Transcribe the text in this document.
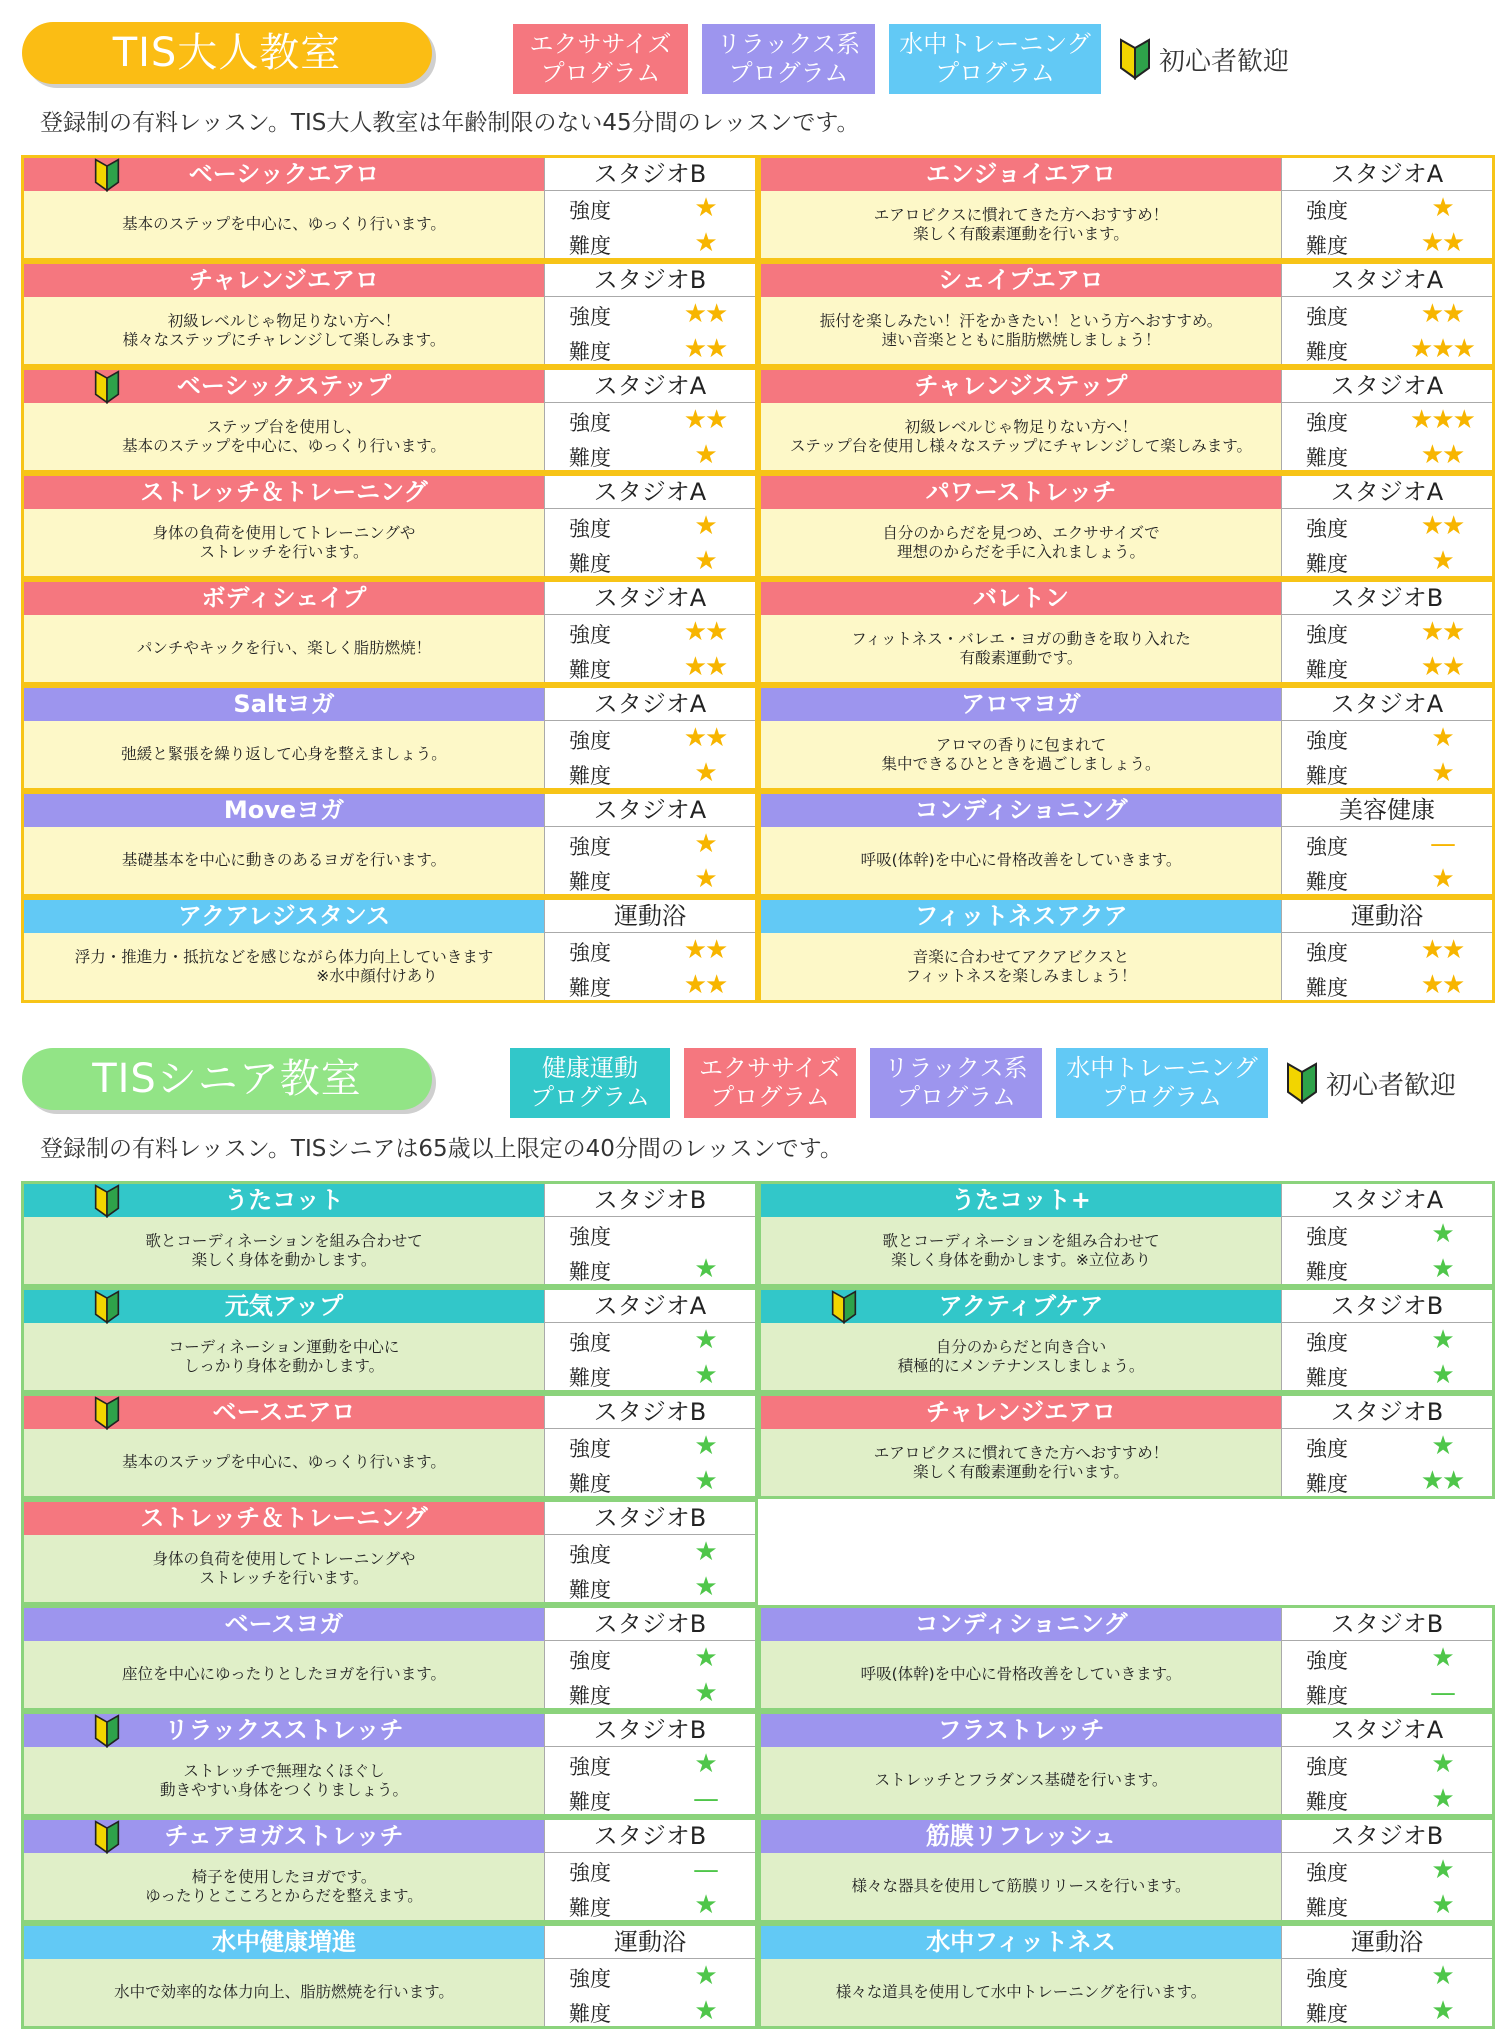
TIS大人教室	エクササイズ
プログラム
リラックス系
プログラム
水中トレーニング
プログラム	初心者歓迎
登録制の有料レッスン。TIS大人教室は年齢制限のない45分間のレッスンです。
ベーシックエアロ	スタジオB
基本のステップを中心に、ゆっくり行います。
強度	★
難度	★
エンジョイエアロ	スタジオA
エアロビクスに慣れてきた方へおすすめ！
楽しく有酸素運動を行います。
強度	★
難度	★★
チャレンジエアロ	スタジオB
初級レベルじゃ物足りない方へ！
様々なステップにチャレンジして楽しみます。
強度	★★
難度	★★
シェイプエアロ	スタジオA
振付を楽しみたい！汗をかきたい！という方へおすすめ。
速い音楽とともに脂肪燃焼しましょう！
強度	★★
難度	★★★
ベーシックステップ	スタジオA
ステップ台を使用し、
基本のステップを中心に、ゆっくり行います。
強度	★★
難度	★
チャレンジステップ	スタジオA
初級レベルじゃ物足りない方へ！
ステップ台を使用し様々なステップにチャレンジして楽しみます。
強度	★★★
難度	★★
ストレッチ＆トレーニング	スタジオA
身体の負荷を使用してトレーニングや
ストレッチを行います。
強度	★
難度	★
パワーストレッチ	スタジオA
自分のからだを見つめ、エクササイズで
理想のからだを手に入れましょう。
強度	★★
難度	★
ボディシェイプ	スタジオA
パンチやキックを行い、楽しく脂肪燃焼！
強度	★★
難度	★★
バレトン	スタジオB
フィットネス・バレエ・ヨガの動きを取り入れた
有酸素運動です。
強度	★★
難度	★★
Saltヨガ	スタジオA
弛緩と緊張を繰り返して心身を整えましょう。
強度	★★
難度	★
アロマヨガ	スタジオA
アロマの香りに包まれて
集中できるひとときを過ごしましょう。
強度	★
難度	★
Moveヨガ	スタジオA
基礎基本を中心に動きのあるヨガを行います。
強度	★
難度	★
コンディショニング	美容健康
呼吸(体幹)を中心に骨格改善をしていきます。
強度	—
難度	★
アクアレジスタンス	運動浴
浮力・推進力・抵抗などを感じながら体力向上していきます
　　　　　　　　　　　　※水中顔付けあり
強度	★★
難度	★★
フィットネスアクア	運動浴
音楽に合わせてアクアビクスと
フィットネスを楽しみましょう！
強度	★★
難度	★★
TISシニア教室	健康運動
プログラム
エクササイズ
プログラム
リラックス系
プログラム
水中トレーニング
プログラム	初心者歓迎
登録制の有料レッスン。TISシニアは65歳以上限定の40分間のレッスンです。
うたコット	スタジオB
歌とコーディネーションを組み合わせて
楽しく身体を動かします。
強度
難度	★
うたコット+	スタジオA
歌とコーディネーションを組み合わせて
楽しく身体を動かします。※立位あり
強度	★
難度	★
元気アップ	スタジオA
コーディネーション運動を中心に
しっかり身体を動かします。
強度	★
難度	★
アクティブケア	スタジオB
自分のからだと向き合い
積極的にメンテナンスしましょう。
強度	★
難度	★
ベースエアロ	スタジオB
基本のステップを中心に、ゆっくり行います。
強度	★
難度	★
チャレンジエアロ	スタジオB
エアロビクスに慣れてきた方へおすすめ！
楽しく有酸素運動を行います。
強度	★
難度	★★
ストレッチ＆トレーニング	スタジオB
身体の負荷を使用してトレーニングや
ストレッチを行います。
強度	★
難度	★
ベースヨガ	スタジオB
座位を中心にゆったりとしたヨガを行います。
強度	★
難度	★
コンディショニング	スタジオB
呼吸(体幹)を中心に骨格改善をしていきます。
強度	★
難度	—
リラックスストレッチ	スタジオB
ストレッチで無理なくほぐし
動きやすい身体をつくりましょう。
強度	★
難度	—
フラストレッチ	スタジオA
ストレッチとフラダンス基礎を行います。
強度	★
難度	★
チェアヨガストレッチ	スタジオB
椅子を使用したヨガです。
ゆったりとこころとからだを整えます。
強度	—
難度	★
筋膜リフレッシュ	スタジオB
様々な器具を使用して筋膜リリースを行います。
強度	★
難度	★
水中健康増進	運動浴
水中で効率的な体力向上、脂肪燃焼を行います。
強度	★
難度	★
水中フィットネス	運動浴
様々な道具を使用して水中トレーニングを行います。
強度	★
難度	★
